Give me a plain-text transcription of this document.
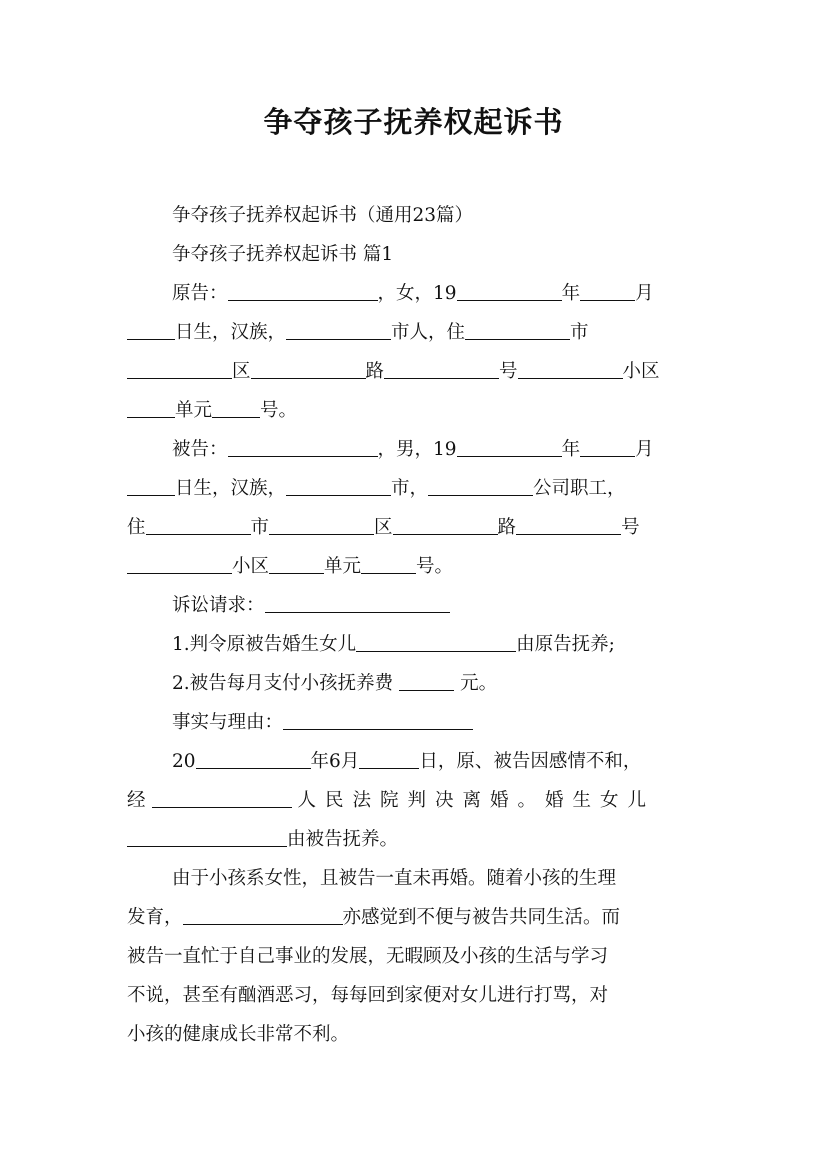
争夺孩子抚养权起诉书
争夺孩子抚养权起诉书（通用23篇）
争夺孩子抚养权起诉书 篇1
原告：	，女，19	年	月
日生，汉族，	市人，住	市
区	路	号	小区
单元	号。
被告：	，男，19	年	月
日生，汉族，	市，	公司职工，
住	市	区	路	号
小区	单元	号。
诉讼请求：
1.判令原被告婚生女儿	由原告抚养;
2.被告每月支付小孩抚养费	元。
事实与理由：
20	年6月	日，原、被告因感情不和，
经	人民法院判决离婚。婚生女儿
由被告抚养。
由于小孩系女性，且被告一直未再婚。随着小孩的生理
发育，	亦感觉到不便与被告共同生活。而
被告一直忙于自己事业的发展，无暇顾及小孩的生活与学习
不说，甚至有酗酒恶习，每每回到家便对女儿进行打骂，对
小孩的健康成长非常不利。
